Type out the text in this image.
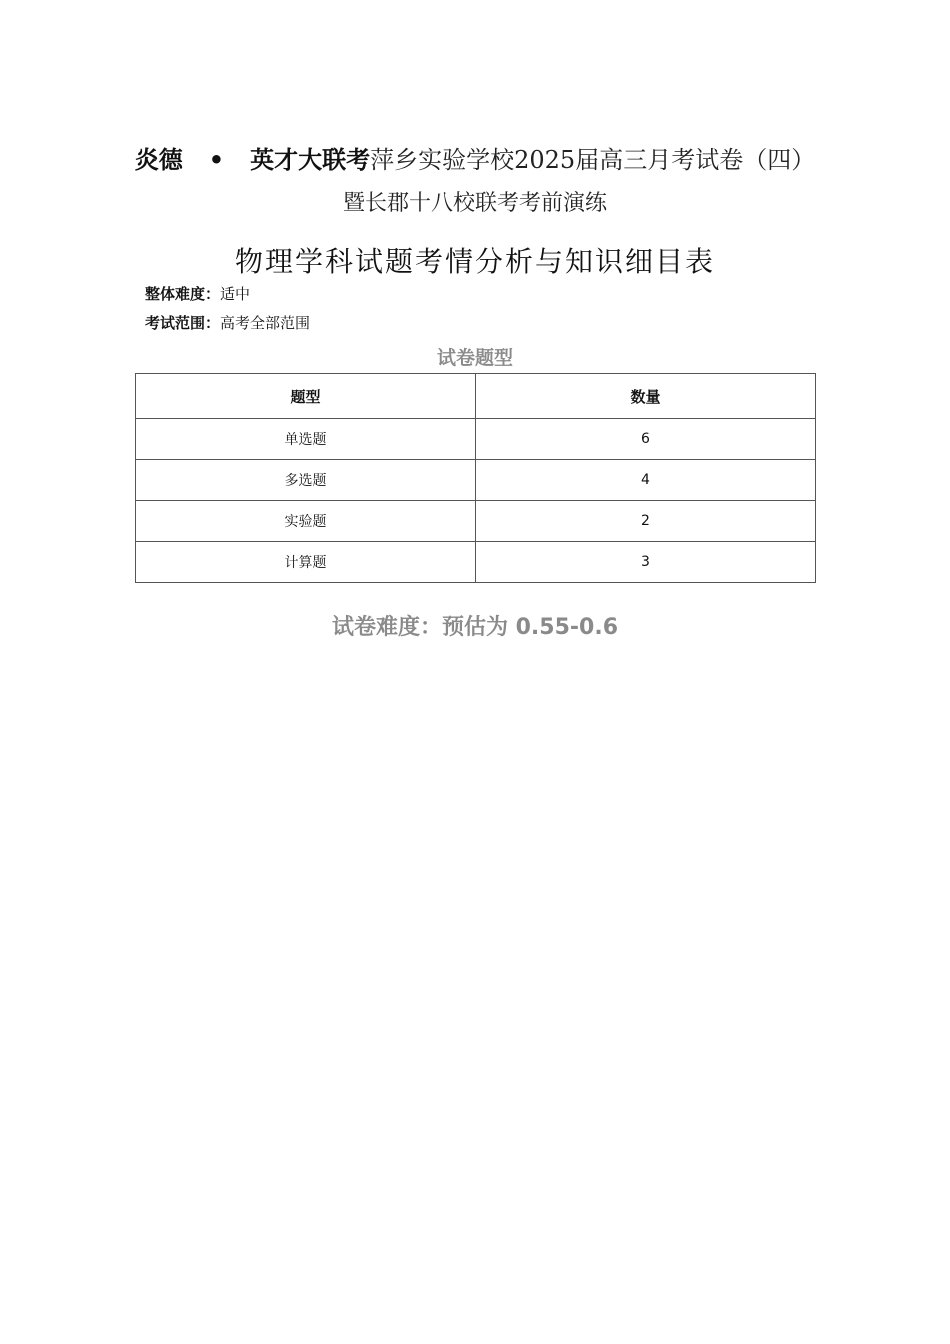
炎德 • 英才大联考萍乡实验学校2025届高三月考试卷（四）
暨长郡十八校联考考前演练
物理学科试题考情分析与知识细目表
整体难度：适中
考试范围：高考全部范围
试卷题型
题型	数量
单选题	6
多选题	4
实验题	2
计算题	3
试卷难度：预估为 0.55-0.6
